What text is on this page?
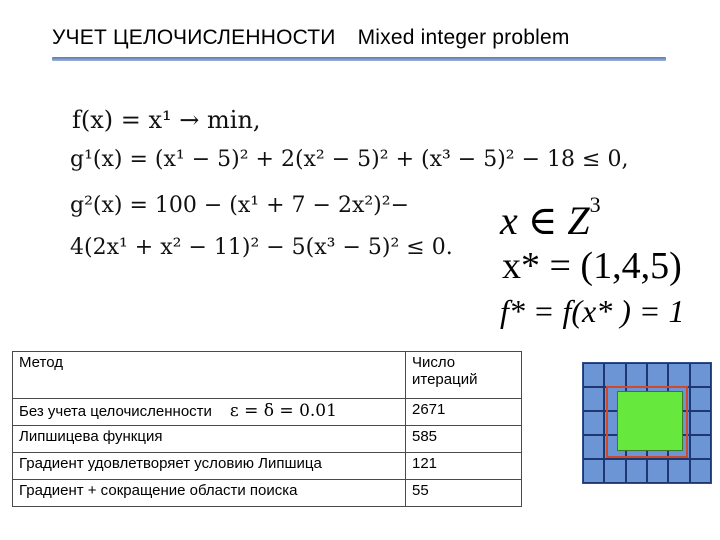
УЧЕТ ЦЕЛОЧИСЛЕННОСТИ Mixed integer problem
f(x) = x¹ → min,
g¹(x) = (x¹ − 5)² + 2(x² − 5)² + (x³ − 5)² − 18 ≤ 0,
g²(x) = 100 − (x¹ + 7 − 2x²)²−
4(2x¹ + x² − 11)² − 5(x³ − 5)² ≤ 0.
x ∈ $Z^3$
x* = (1,4,5)
f* = f(x* ) = 1
Метод	Число итераций
Без учета целочисленности ε = δ = 0.01	2671
Липшицева функция	585
Градиент удовлетворяет условию Липшица	121
Градиент + сокращение области поиска	55
